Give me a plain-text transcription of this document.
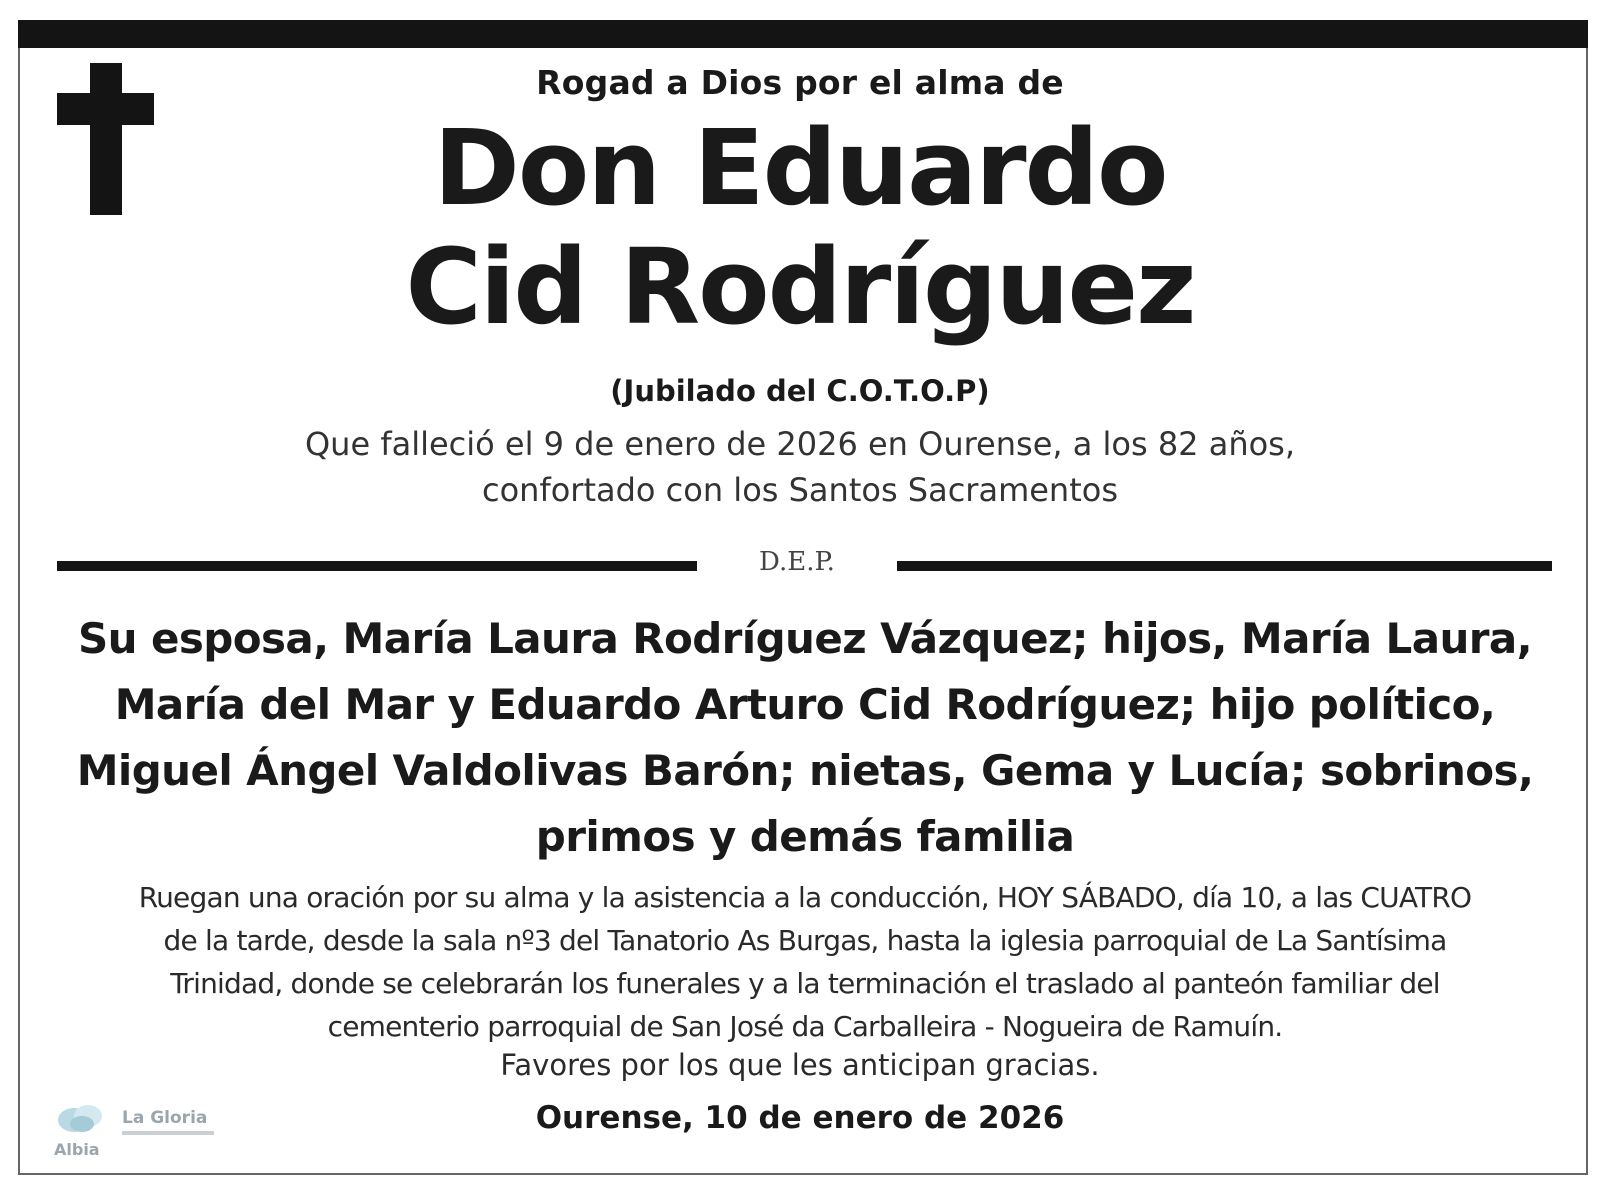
Rogad a Dios por el alma de
Don Eduardo
Cid Rodríguez
(Jubilado del C.O.T.O.P)
Que falleció el 9 de enero de 2026 en Ourense, a los 82 años,
confortado con los Santos Sacramentos
D.E.P.
Su esposa, María Laura Rodríguez Vázquez; hijos, María Laura,
María del Mar y Eduardo Arturo Cid Rodríguez; hijo político,
Miguel Ángel Valdolivas Barón; nietas, Gema y Lucía; sobrinos,
primos y demás familia
Ruegan una oración por su alma y la asistencia a la conducción, HOY SÁBADO, día 10, a las CUATRO
de la tarde, desde la sala nº3 del Tanatorio As Burgas, hasta la iglesia parroquial de La Santísima
Trinidad, donde se celebrarán los funerales y a la terminación el traslado al panteón familiar del
cementerio parroquial de San José da Carballeira - Nogueira de Ramuín.
Favores por los que les anticipan gracias.
Ourense, 10 de enero de 2026
Albia
La Gloria
